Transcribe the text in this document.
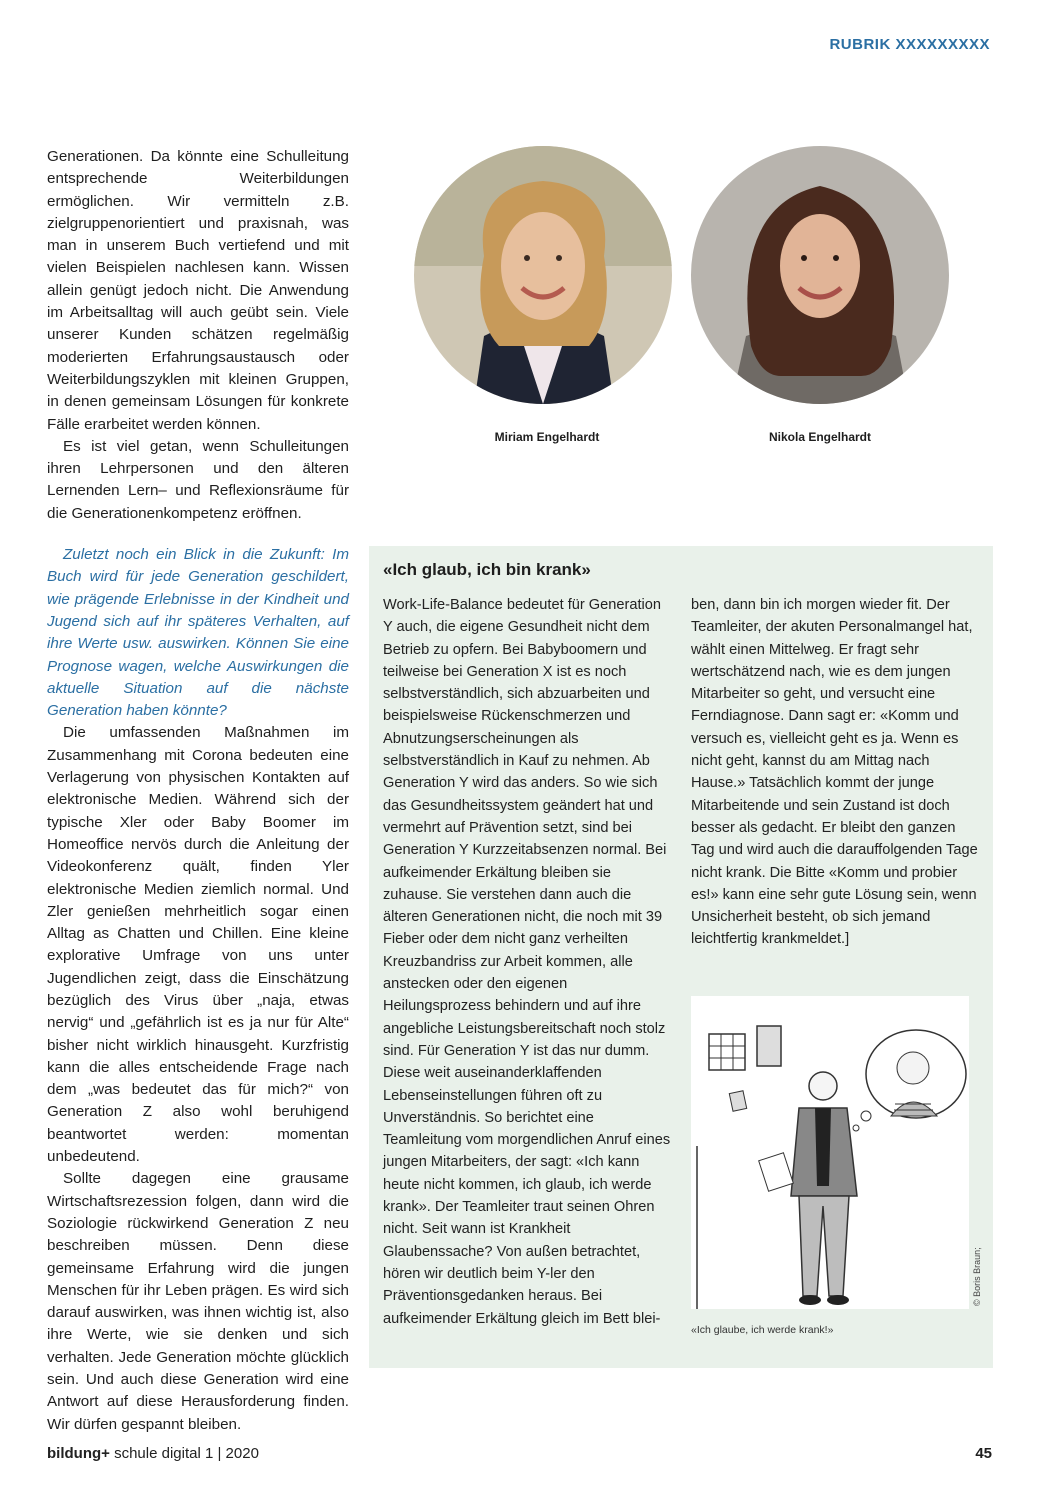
RUBRIK XXXXXXXXX

Generationen. Da könnte eine Schulleitung entsprechende Weiterbildungen ermöglichen. Wir vermitteln z.B. zielgruppenorientiert und praxisnah, was man in unserem Buch vertiefend und mit vielen Beispielen nachlesen kann. Wissen allein genügt jedoch nicht. Die Anwendung im Arbeitsalltag will auch geübt sein. Viele unserer Kunden schätzen regelmäßig moderierten Erfahrungsaustausch oder Weiterbildungszyklen mit kleinen Gruppen, in denen gemeinsam Lösungen für konkrete Fälle erarbeitet werden können.

Es ist viel getan, wenn Schulleitungen ihren Lehrpersonen und den älteren Lernenden Lern– und Reflexionsräume für die Generationenkompetenz eröffnen.

Zuletzt noch ein Blick in die Zukunft: Im Buch wird für jede Generation geschildert, wie prägende Erlebnisse in der Kindheit und Jugend sich auf ihr späteres Verhalten, auf ihre Werte usw. auswirken. Können Sie eine Prognose wagen, welche Auswirkungen die aktuelle Situation auf die nächste Generation haben könnte?

Die umfassenden Maßnahmen im Zusammenhang mit Corona bedeuten eine Verlagerung von physischen Kontakten auf elektronische Medien. Während sich der typische Xler oder Baby Boomer im Homeoffice nervös durch die Anleitung der Videokonferenz quält, finden Yler elektronische Medien ziemlich normal. Und Zler genießen mehrheitlich sogar einen Alltag as Chatten und Chillen. Eine kleine explorative Umfrage von uns unter Jugendlichen zeigt, dass die Einschätzung bezüglich des Virus über „naja, etwas nervig“ und „gefährlich ist es ja nur für Alte“ bisher nicht wirklich hinausgeht. Kurzfristig kann die alles entscheidende Frage nach dem „was bedeutet das für mich?“ von Generation Z also wohl beruhigend beantwortet werden: momentan unbedeutend.

Sollte dagegen eine grausame Wirtschaftsrezession folgen, dann wird die Soziologie rückwirkend Generation Z neu beschreiben müssen. Denn diese gemeinsame Erfahrung wird die jungen Menschen für ihr Leben prägen. Es wird sich darauf auswirken, was ihnen wichtig ist, also ihre Werte, wie sie denken und sich verhalten. Jede Generation möchte glücklich sein. Und auch diese Generation wird eine Antwort auf diese Herausforderung finden. Wir dürfen gespannt bleiben.

Miriam Engelhardt	Nikola Engelhardt
«Ich glaub, ich bin krank»

Work-Life-Balance bedeutet für Generation Y auch, die eigene Gesundheit nicht dem Betrieb zu opfern. Bei Babyboomern und teilweise bei Generation X ist es noch selbstverständlich, sich abzuarbeiten und beispielsweise Rückenschmerzen und Abnutzungserscheinungen als selbstverständlich in Kauf zu nehmen. Ab Generation Y wird das anders. So wie sich das Gesundheitssystem geändert hat und vermehrt auf Prävention setzt, sind bei Generation Y Kurzzeitabsenzen normal. Bei aufkeimender Erkältung bleiben sie zuhause. Sie verstehen dann auch die älteren Generationen nicht, die noch mit 39 Fieber oder dem nicht ganz verheilten Kreuzbandriss zur Arbeit kommen, alle anstecken oder den eigenen Heilungsprozess behindern und auf ihre angebliche Leistungsbereitschaft noch stolz sind. Für Generation Y ist das nur dumm. Diese weit auseinanderklaffenden Lebenseinstellungen führen oft zu Unverständnis. So berichtet eine Teamleitung vom morgendlichen Anruf eines jungen Mitarbeiters, der sagt: «Ich kann heute nicht kommen, ich glaub, ich werde krank». Der Teamleiter traut seinen Ohren nicht. Seit wann ist Krankheit Glaubenssache? Von außen betrachtet, hören wir deutlich beim Y-ler den Präventionsgedanken heraus. Bei aufkeimender Erkältung gleich im Bett blei-

ben, dann bin ich morgen wieder fit. Der Teamleiter, der akuten Personalmangel hat, wählt einen Mittelweg. Er fragt sehr wertschätzend nach, wie es dem jungen Mitarbeiter so geht, und versucht eine Ferndiagnose. Dann sagt er: «Komm und versuch es, vielleicht geht es ja. Wenn es nicht geht, kannst du am Mittag nach Hause.» Tatsächlich kommt der junge Mitarbeitende und sein Zustand ist doch besser als gedacht. Er bleibt den ganzen Tag und wird auch die darauffolgenden Tage nicht krank. Die Bitte «Komm und probier es!» kann eine sehr gute Lösung sein, wenn Unsicherheit besteht, ob sich jemand leichtfertig krankmeldet.]

© Boris Braun;
«Ich glaube, ich werde krank!»
bildung+ schule digital 1 | 2020	45
